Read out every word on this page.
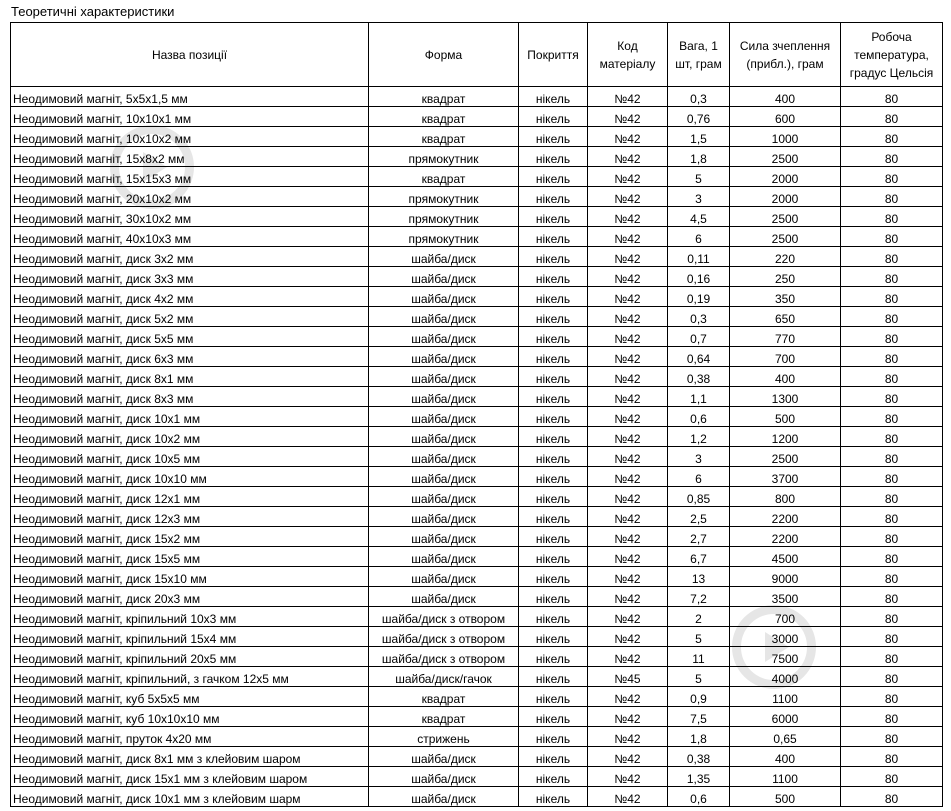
Теоретичні характеристики
Назва позиції	Форма	Покриття	Код матеріалу	Вага, 1 шт, грам	Сила зчеплення (прибл.), грам	Робоча температура, градус Цельсія
Неодимовий магніт, 5х5х1,5 мм	квадрат	нікель	№42	0,3	400	80
Неодимовий магніт, 10х10х1 мм	квадрат	нікель	№42	0,76	600	80
Неодимовий магніт, 10х10х2 мм	квадрат	нікель	№42	1,5	1000	80
Неодимовий магніт, 15х8х2 мм	прямокутник	нікель	№42	1,8	2500	80
Неодимовий магніт, 15х15х3 мм	квадрат	нікель	№42	5	2000	80
Неодимовий магніт, 20х10х2 мм	прямокутник	нікель	№42	3	2000	80
Неодимовий магніт, 30х10х2 мм	прямокутник	нікель	№42	4,5	2500	80
Неодимовий магніт, 40х10х3 мм	прямокутник	нікель	№42	6	2500	80
Неодимовий магніт, диск 3х2 мм	шайба/диск	нікель	№42	0,11	220	80
Неодимовий магніт, диск 3х3 мм	шайба/диск	нікель	№42	0,16	250	80
Неодимовий магніт, диск 4х2 мм	шайба/диск	нікель	№42	0,19	350	80
Неодимовий магніт, диск 5х2 мм	шайба/диск	нікель	№42	0,3	650	80
Неодимовий магніт, диск 5х5 мм	шайба/диск	нікель	№42	0,7	770	80
Неодимовий магніт, диск 6х3 мм	шайба/диск	нікель	№42	0,64	700	80
Неодимовий магніт, диск 8х1 мм	шайба/диск	нікель	№42	0,38	400	80
Неодимовий магніт, диск 8х3 мм	шайба/диск	нікель	№42	1,1	1300	80
Неодимовий магніт, диск 10х1 мм	шайба/диск	нікель	№42	0,6	500	80
Неодимовий магніт, диск 10х2 мм	шайба/диск	нікель	№42	1,2	1200	80
Неодимовий магніт, диск 10х5 мм	шайба/диск	нікель	№42	3	2500	80
Неодимовий магніт, диск 10х10 мм	шайба/диск	нікель	№42	6	3700	80
Неодимовий магніт, диск 12х1 мм	шайба/диск	нікель	№42	0,85	800	80
Неодимовий магніт, диск 12х3 мм	шайба/диск	нікель	№42	2,5	2200	80
Неодимовий магніт, диск 15х2 мм	шайба/диск	нікель	№42	2,7	2200	80
Неодимовий магніт, диск 15х5 мм	шайба/диск	нікель	№42	6,7	4500	80
Неодимовий магніт, диск 15х10 мм	шайба/диск	нікель	№42	13	9000	80
Неодимовий магніт, диск 20х3 мм	шайба/диск	нікель	№42	7,2	3500	80
Неодимовий магніт, кріпильний 10х3 мм	шайба/диск з отвором	нікель	№42	2	700	80
Неодимовий магніт, кріпильний 15х4 мм	шайба/диск з отвором	нікель	№42	5	3000	80
Неодимовий магніт, кріпильний 20х5 мм	шайба/диск з отвором	нікель	№42	11	7500	80
Неодимовий магніт, кріпильний, з гачком 12х5 мм	шайба/диск/гачок	нікель	№45	5	4000	80
Неодимовий магніт, куб 5х5х5 мм	квадрат	нікель	№42	0,9	1100	80
Неодимовий магніт, куб 10х10х10 мм	квадрат	нікель	№42	7,5	6000	80
Неодимовий магніт, пруток 4х20 мм	стрижень	нікель	№42	1,8	0,65	80
Неодимовий магніт, диск 8х1 мм з клейовим шаром	шайба/диск	нікель	№42	0,38	400	80
Неодимовий магніт, диск 15х1 мм з клейовим шаром	шайба/диск	нікель	№42	1,35	1100	80
Неодимовий магніт, диск 10х1 мм з клейовим шарм	шайба/диск	нікель	№42	0,6	500	80
